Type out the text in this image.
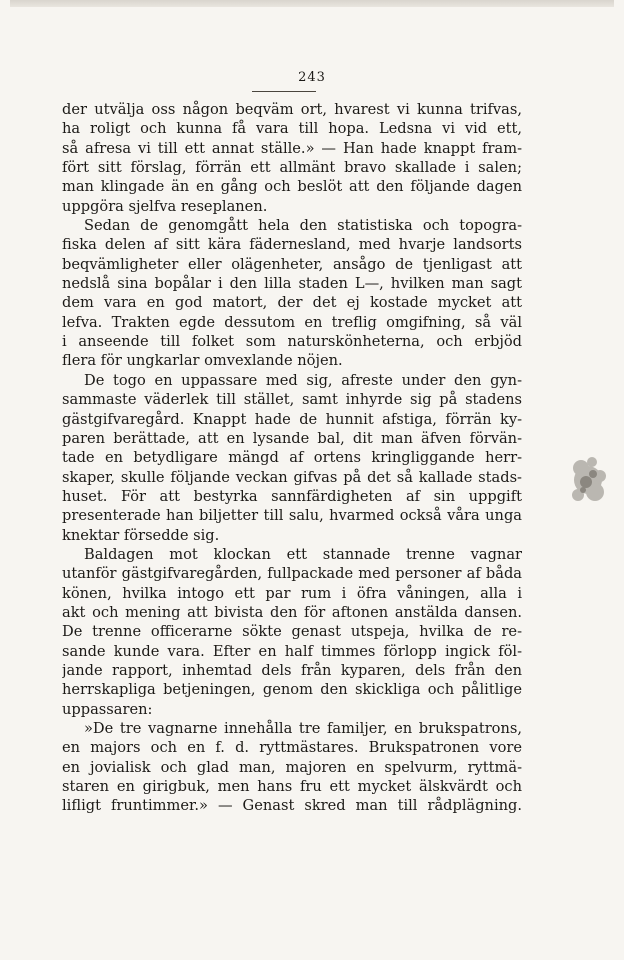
243
der utvälja oss någon beqväm ort, hvarest vi kunna trifvas,
ha roligt och kunna få vara till hopa. Ledsna vi vid ett,
så afresa vi till ett annat ställe.» — Han hade knappt fram-
fört sitt förslag, förrän ett allmänt bravo skallade i salen;
man klingade än en gång och beslöt att den följande dagen
uppgöra sjelfva reseplanen.
Sedan de genomgått hela den statistiska och topogra-
fiska delen af sitt kära fädernesland, med hvarje landsorts
beqvämligheter eller olägenheter, ansågo de tjenligast att
nedslå sina bopålar i den lilla staden L—, hvilken man sagt
dem vara en god matort, der det ej kostade mycket att
lefva. Trakten egde dessutom en treflig omgifning, så väl
i anseende till folket som naturskönheterna, och erbjöd
flera för ungkarlar omvexlande nöjen.
De togo en uppassare med sig, afreste under den gyn-
sammaste väderlek till stället, samt inhyrde sig på stadens
gästgifvaregård. Knappt hade de hunnit afstiga, förrän ky-
paren berättade, att en lysande bal, dit man äfven förvän-
tade en betydligare mängd af ortens kringliggande herr-
skaper, skulle följande veckan gifvas på det så kallade stads-
huset. För att bestyrka sannfärdigheten af sin uppgift
presenterade han biljetter till salu, hvarmed också våra unga
knektar försedde sig.
Baldagen mot klockan ett stannade trenne vagnar
utanför gästgifvaregården, fullpackade med personer af båda
könen, hvilka intogo ett par rum i öfra våningen, alla i
akt och mening att bivista den för aftonen anstälda dansen.
De trenne officerarne sökte genast utspeja, hvilka de re-
sande kunde vara. Efter en half timmes förlopp ingick föl-
jande rapport, inhemtad dels från kyparen, dels från den
herrskapliga betjeningen, genom den skickliga och pålitlige
uppassaren:
»De tre vagnarne innehålla tre familjer, en brukspatrons,
en majors och en f. d. ryttmästares. Brukspatronen vore
en jovialisk och glad man, majoren en spelvurm, ryttmä-
staren en girigbuk, men hans fru ett mycket älskvärdt och
lifligt fruntimmer.» — Genast skred man till rådplägning.
